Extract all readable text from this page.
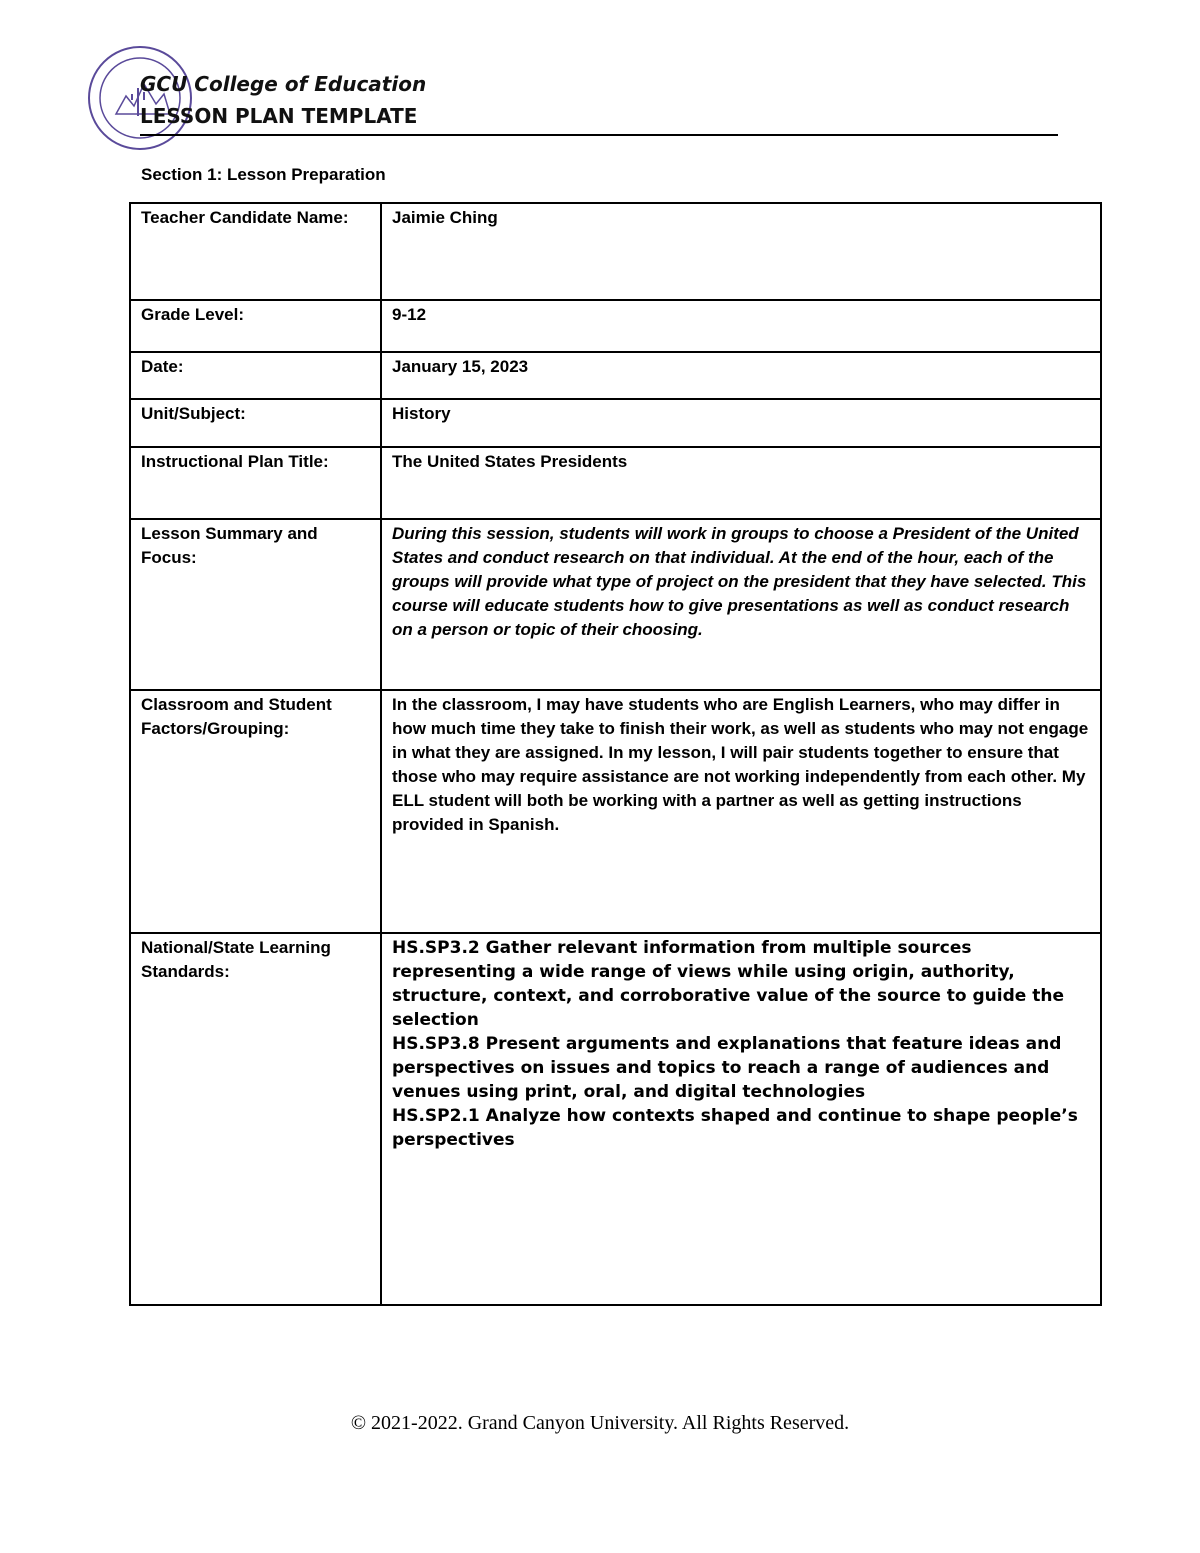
GCU College of Education
LESSON PLAN TEMPLATE
Section 1: Lesson Preparation
Teacher Candidate Name:	Jaimie Ching
Grade Level:	9-12
Date:	January 15, 2023
Unit/Subject:	History
Instructional Plan Title:	The United States Presidents
Lesson Summary and Focus:	During this session, students will work in groups to choose a President of the United States and conduct research on that individual. At the end of the hour, each of the groups will provide what type of project on the president that they have selected. This course will educate students how to give presentations as well as conduct research on a person or topic of their choosing.
Classroom and Student Factors/Grouping:	In the classroom, I may have students who are English Learners, who may differ in how much time they take to finish their work, as well as students who may not engage in what they are assigned. In my lesson, I will pair students together to ensure that those who may require assistance are not working independently from each other. My ELL student will both be working with a partner as well as getting instructions provided in Spanish.
National/State Learning Standards:	HS.SP3.2 Gather relevant information from multiple sources representing a wide range of views while using origin, authority, structure, context, and corroborative value of the source to guide the selection
HS.SP3.8 Present arguments and explanations that feature ideas and perspectives on issues and topics to reach a range of audiences and venues using print, oral, and digital technologies
HS.SP2.1 Analyze how contexts shaped and continue to shape people’s perspectives
© 2021-2022. Grand Canyon University. All Rights Reserved.
